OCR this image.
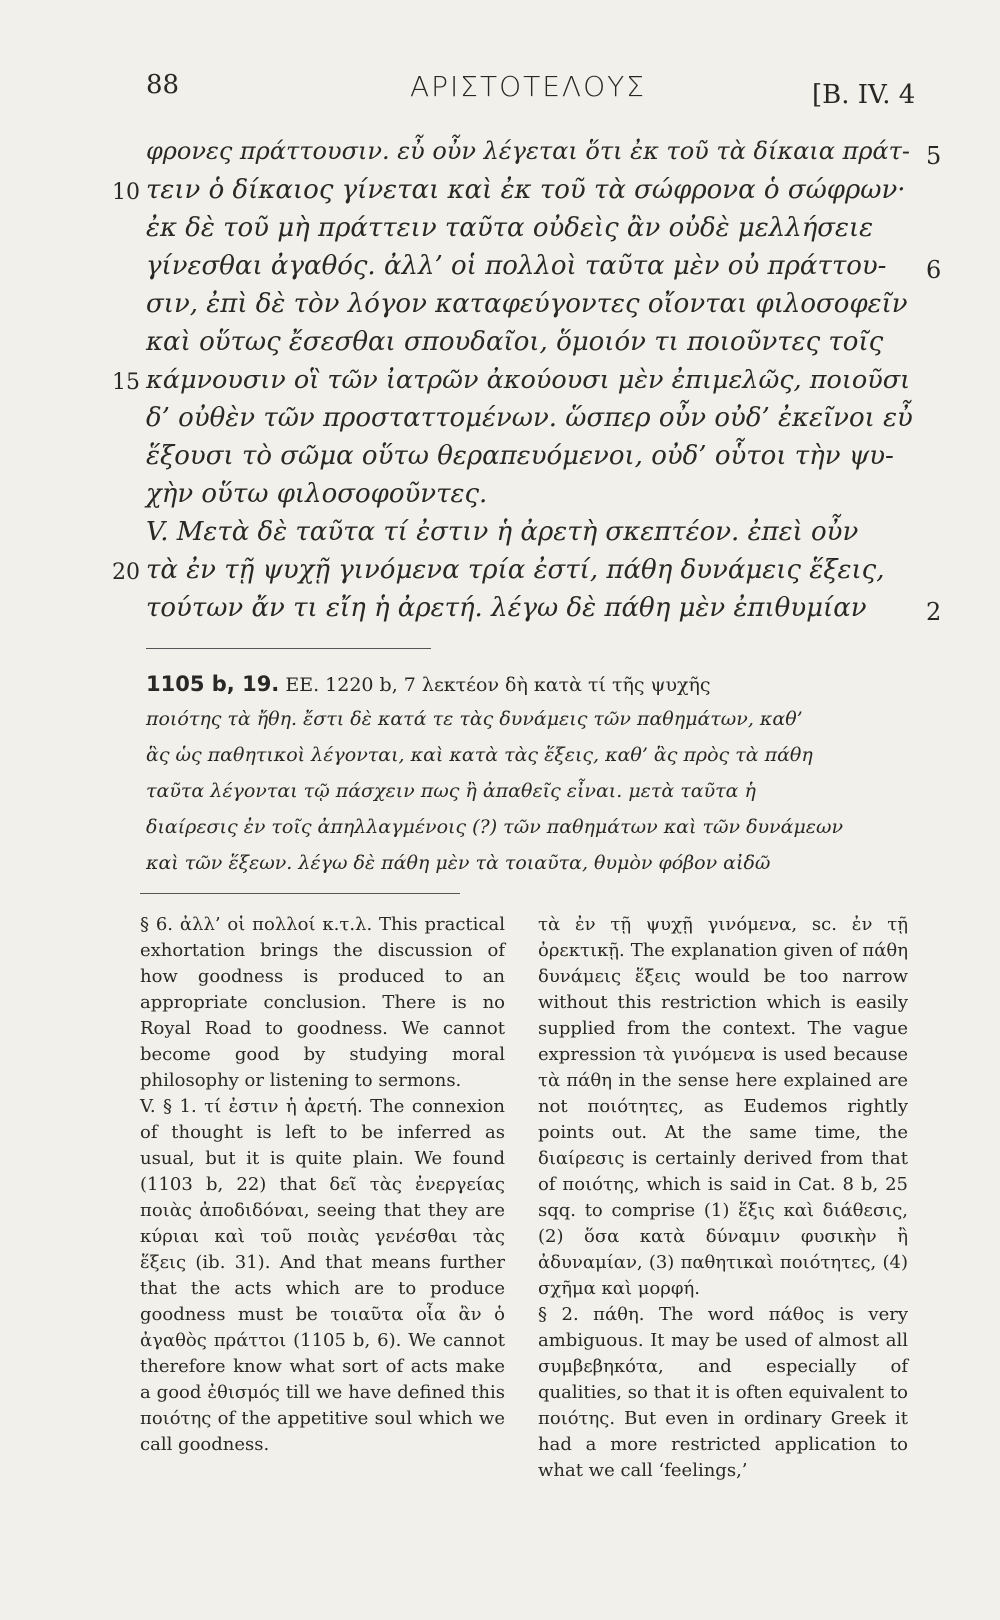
88	ΑΡΙΣΤΟΤΕΛΟΥΣ	[Β. IV. 4
φρονες πράττουσιν. εὖ οὖν λέγεται ὅτι ἐκ τοῦ τὰ δίκαια πράτ-
τειν ὁ δίκαιος γίνεται καὶ ἐκ τοῦ τὰ σώφρονα ὁ σώφρων·
ἐκ δὲ τοῦ μὴ πράττειν ταῦτα οὐδεὶς ἂν οὐδὲ μελλήσειε
γίνεσθαι ἀγαθός. ἀλλ’ οἱ πολλοὶ ταῦτα μὲν οὐ πράττου-
σιν, ἐπὶ δὲ τὸν λόγον καταφεύγοντες οἴονται φιλοσοφεῖν
καὶ οὕτως ἔσεσθαι σπουδαῖοι, ὅμοιόν τι ποιοῦντες τοῖς
κάμνουσιν οἳ τῶν ἰατρῶν ἀκούουσι μὲν ἐπιμελῶς, ποιοῦσι
δ’ οὐθὲν τῶν προσταττομένων. ὥσπερ οὖν οὐδ’ ἐκεῖνοι εὖ
ἕξουσι τὸ σῶμα οὕτω θεραπευόμενοι, οὐδ’ οὗτοι τὴν ψυ-
χὴν οὕτω φιλοσοφοῦντες.
V. Μετὰ δὲ ταῦτα τί ἐστιν ἡ ἀρετὴ σκεπτέον. ἐπεὶ οὖν
τὰ ἐν τῇ ψυχῇ γινόμενα τρία ἐστί, πάθη δυνάμεις ἕξεις,
τούτων ἄν τι εἴη ἡ ἀρετή. λέγω δὲ πάθη μὲν ἐπιθυμίαν
10
15
20
5
6
2
1105 b, 19. EE. 1220 b, 7 λεκτέον δὴ κατὰ τί τῆς ψυχῆς
ποιότης τὰ ἤθη. ἔστι δὲ κατά τε τὰς δυνάμεις τῶν παθημάτων, καθ’
ἃς ὡς παθητικοὶ λέγονται, καὶ κατὰ τὰς ἕξεις, καθ’ ἃς πρὸς τὰ πάθη
ταῦτα λέγονται τῷ πάσχειν πως ἢ ἀπαθεῖς εἶναι. μετὰ ταῦτα ἡ
διαίρεσις ἐν τοῖς ἀπηλλαγμένοις (?) τῶν παθημάτων καὶ τῶν δυνάμεων
καὶ τῶν ἕξεων. λέγω δὲ πάθη μὲν τὰ τοιαῦτα, θυμὸν φόβον αἰδῶ

§ 6. ἀλλ’ οἱ πολλοί κ.τ.λ. This practical exhortation brings the discussion of how goodness is produced to an appropriate conclusion. There is no Royal Road to goodness. We cannot become good by studying moral philosophy or listening to sermons.

V. § 1. τί ἐστιν ἡ ἀρετή. The connexion of thought is left to be inferred as usual, but it is quite plain. We found (1103 b, 22) that δεῖ τὰς ἐνεργείας ποιὰς ἀποδιδόναι, seeing that they are κύριαι καὶ τοῦ ποιὰς γενέσθαι τὰς ἕξεις (ib. 31). And that means further that the acts which are to produce goodness must be τοιαῦτα οἷα ἂν ὁ ἀγαθὸς πράττοι (1105 b, 6). We cannot therefore know what sort of acts make a good ἐθισμός till we have defined this ποιότης of the appetitive soul which we call goodness.

τὰ ἐν τῇ ψυχῇ γινόμενα, sc. ἐν τῇ ὀρεκτικῇ. The explanation given of πάθη δυνάμεις ἕξεις would be too narrow without this restriction which is easily supplied from the context. The vague expression τὰ γινόμενα is used because τὰ πάθη in the sense here explained are not ποιότητες, as Eudemos rightly points out. At the same time, the διαίρεσις is certainly derived from that of ποιότης, which is said in Cat. 8 b, 25 sqq. to comprise (1) ἕξις καὶ διάθεσις, (2) ὅσα κατὰ δύναμιν φυσικὴν ἢ ἀδυναμίαν, (3) παθητικαὶ ποιότητες, (4) σχῆμα καὶ μορφή.

§ 2. πάθη. The word πάθος is very ambiguous. It may be used of almost all συμβεβηκότα, and especially of qualities, so that it is often equivalent to ποιότης. But even in ordinary Greek it had a more restricted application to what we call ‘feelings,’
